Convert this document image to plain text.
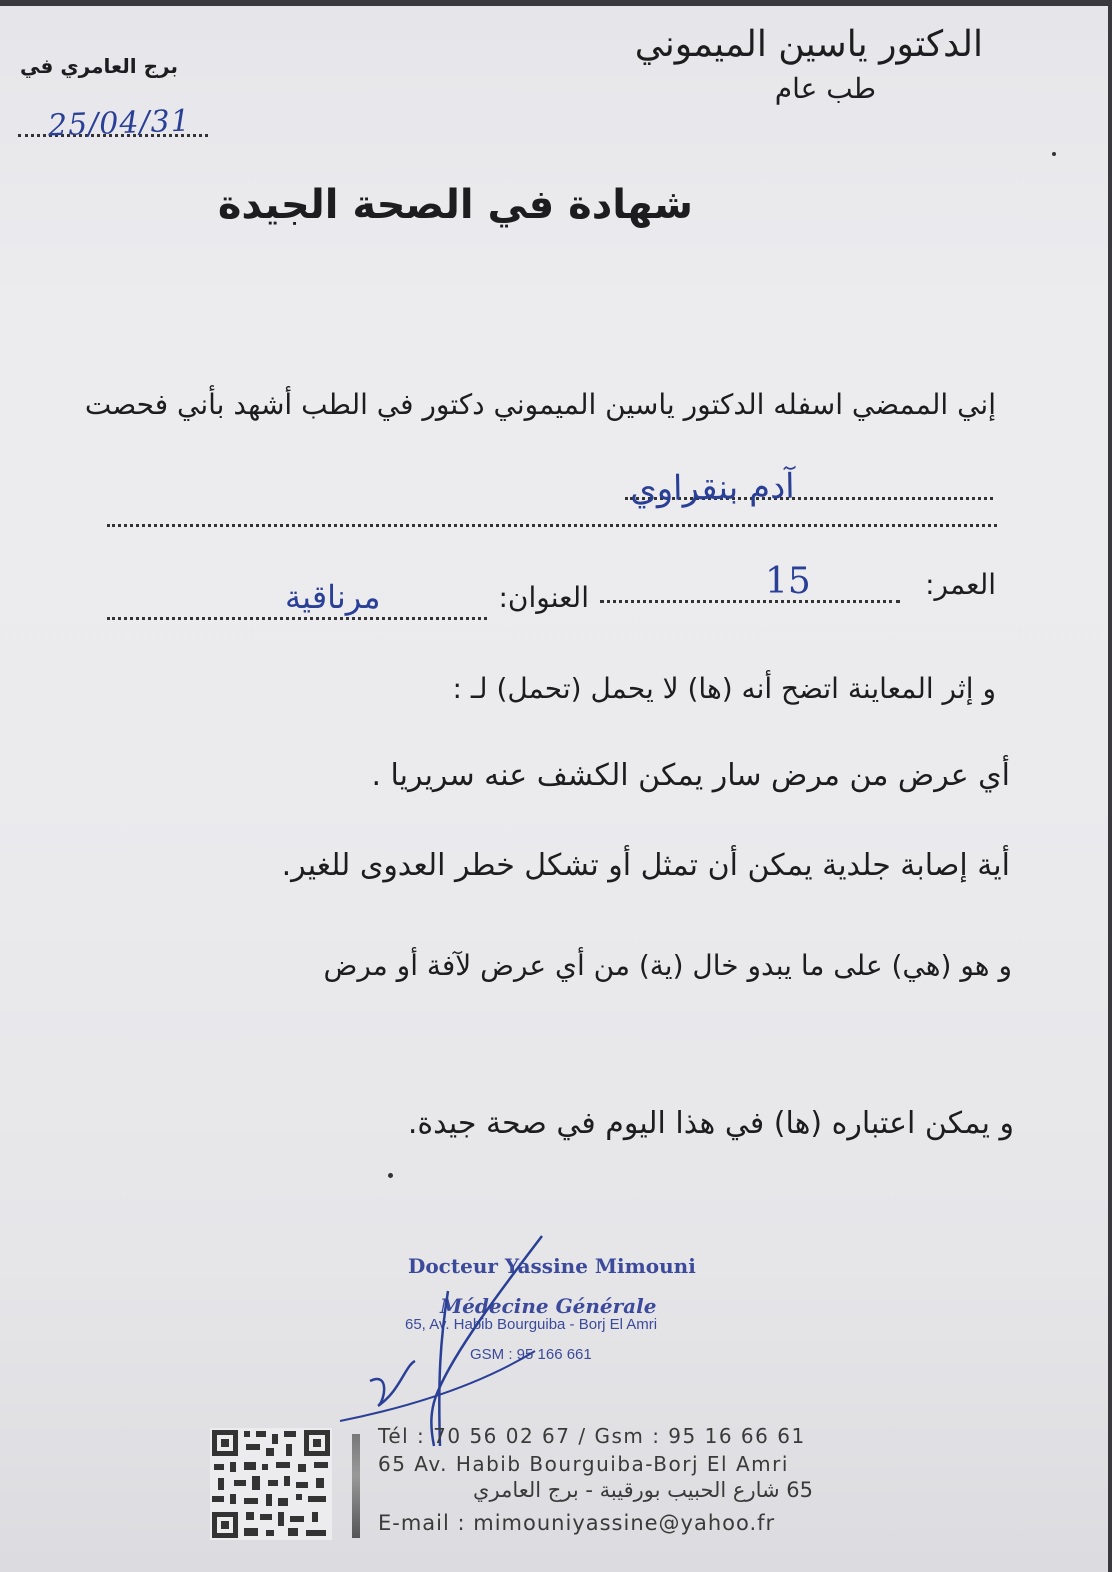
الدكتور ياسين الميموني
طب عام
برج العامري في
25/04/31
شهادة في الصحة الجيدة
إني الممضي اسفله الدكتور ياسين الميموني دكتور في الطب أشهد بأني فحصت
آدم بنقراوي
العمر:
15
العنوان:
مرناقية
و إثر المعاينة اتضح أنه (ها) لا يحمل (تحمل) لـ :
أي عرض من مرض سار يمكن الكشف عنه سريريا .
أية إصابة جلدية يمكن أن تمثل أو تشكل خطر العدوى للغير.
و هو (هي) على ما يبدو خال (ية) من أي عرض لآفة أو مرض
و يمكن اعتباره (ها) في هذا اليوم في صحة جيدة.
Docteur Yassine Mimouni
Médecine Générale
65, Av. Habib Bourguiba - Borj El Amri
GSM : 95 166 661
Tél : 70 56 02 67 / Gsm : 95 16 66 61
65 Av. Habib Bourguiba-Borj El Amri
65 شارع الحبيب بورقيبة - برج العامري
E-mail : mimouniyassine@yahoo.fr
